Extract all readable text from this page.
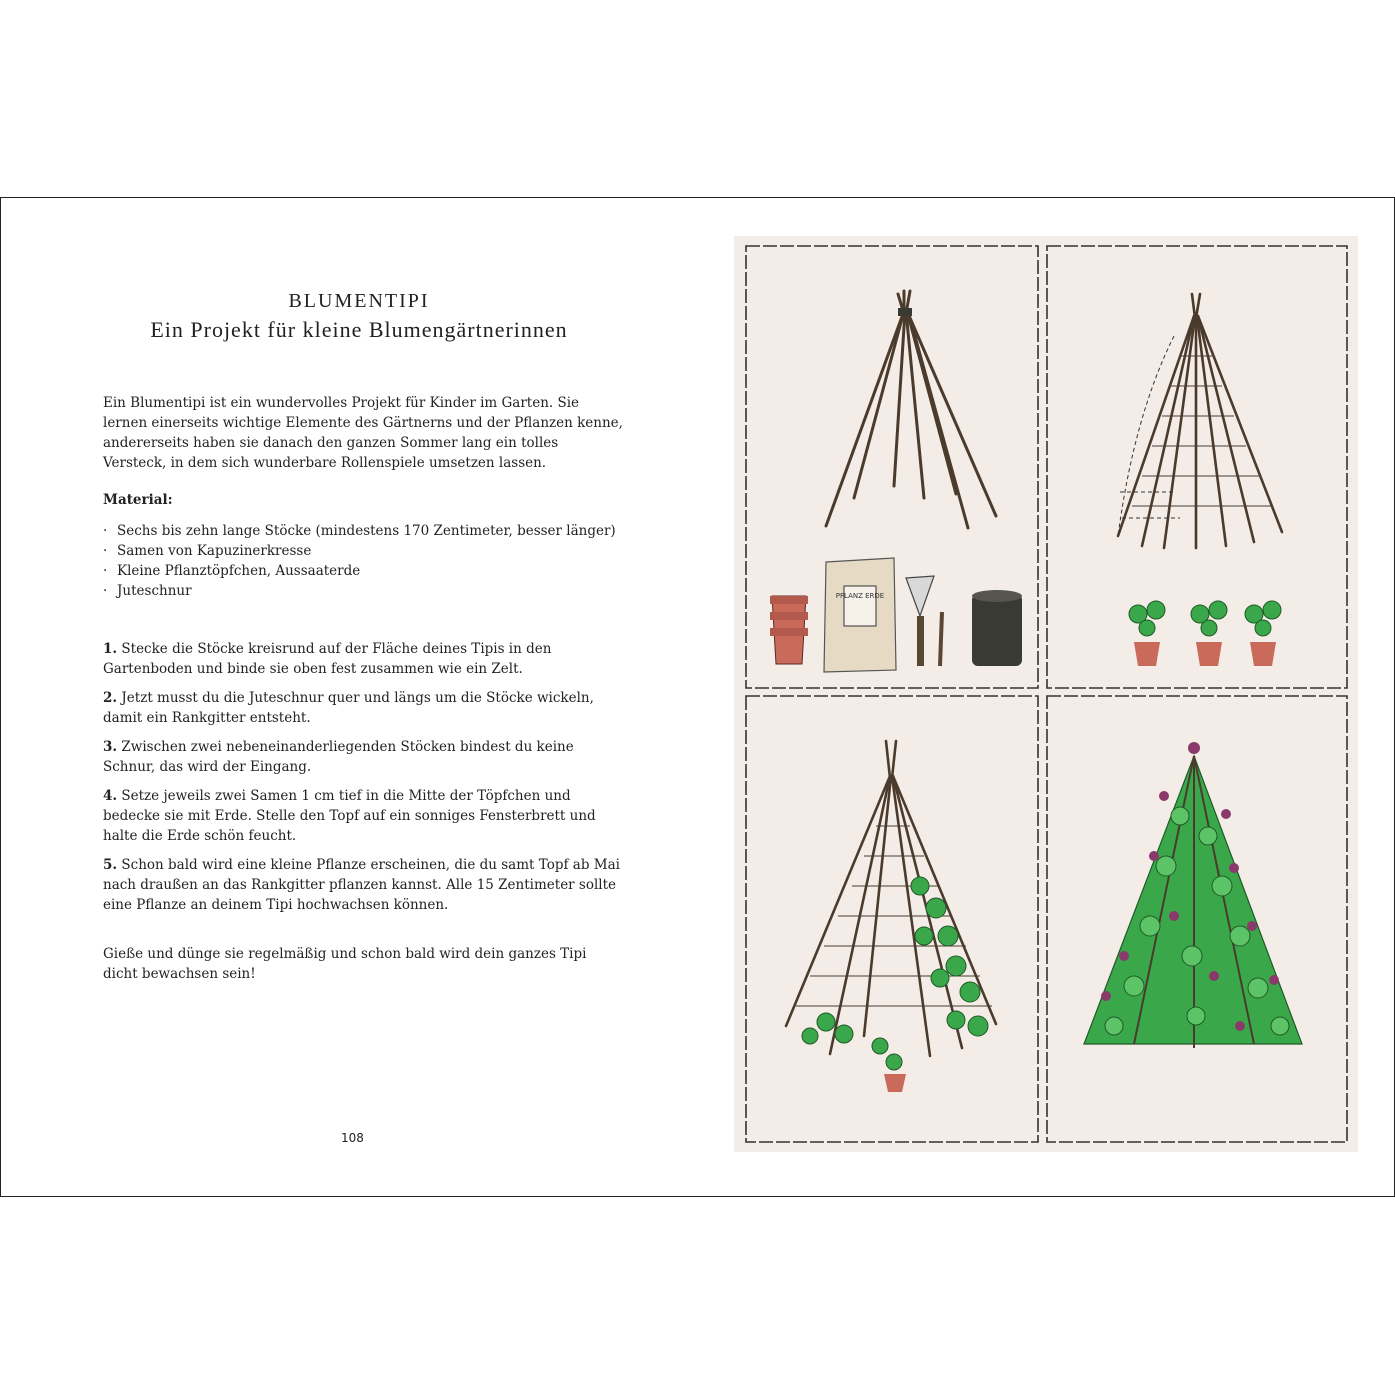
BLUMENTIPI
Ein Projekt für kleine Blumengärtnerinnen
Ein Blumentipi ist ein wundervolles Projekt für Kinder im Garten. Sie lernen einerseits wichtige Elemente des Gärtnerns und der Pflanzen kenne, andererseits haben sie danach den ganzen Sommer lang ein tolles Versteck, in dem sich wunderbare Rollenspiele umsetzen lassen.
Material:
· Sechs bis zehn lange Stöcke (mindestens 170 Zentimeter, besser länger)
· Samen von Kapuzinerkresse
· Kleine Pflanztöpfchen, Aussaaterde
· Juteschnur

1. Stecke die Stöcke kreisrund auf der Fläche deines Tipis in den Gartenboden und binde sie oben fest zusammen wie ein Zelt.

2. Jetzt musst du die Juteschnur quer und längs um die Stöcke wickeln, damit ein Rankgitter entsteht.

3. Zwischen zwei nebeneinanderliegenden Stöcken bindest du keine Schnur, das wird der Eingang.

4. Setze jeweils zwei Samen 1 cm tief in die Mitte der Töpfchen und bedecke sie mit Erde. Stelle den Topf auf ein sonniges Fensterbrett und halte die Erde schön feucht.

5. Schon bald wird eine kleine Pflanze erscheinen, die du samt Topf ab Mai nach draußen an das Rankgitter pflanzen kannst. Alle 15 Zentimeter sollte eine Pflanze an deinem Tipi hochwachsen können.

Gieße und dünge sie regelmäßig und schon bald wird dein ganzes Tipi dicht bewachsen sein!
108
PFLANZ ERDE
